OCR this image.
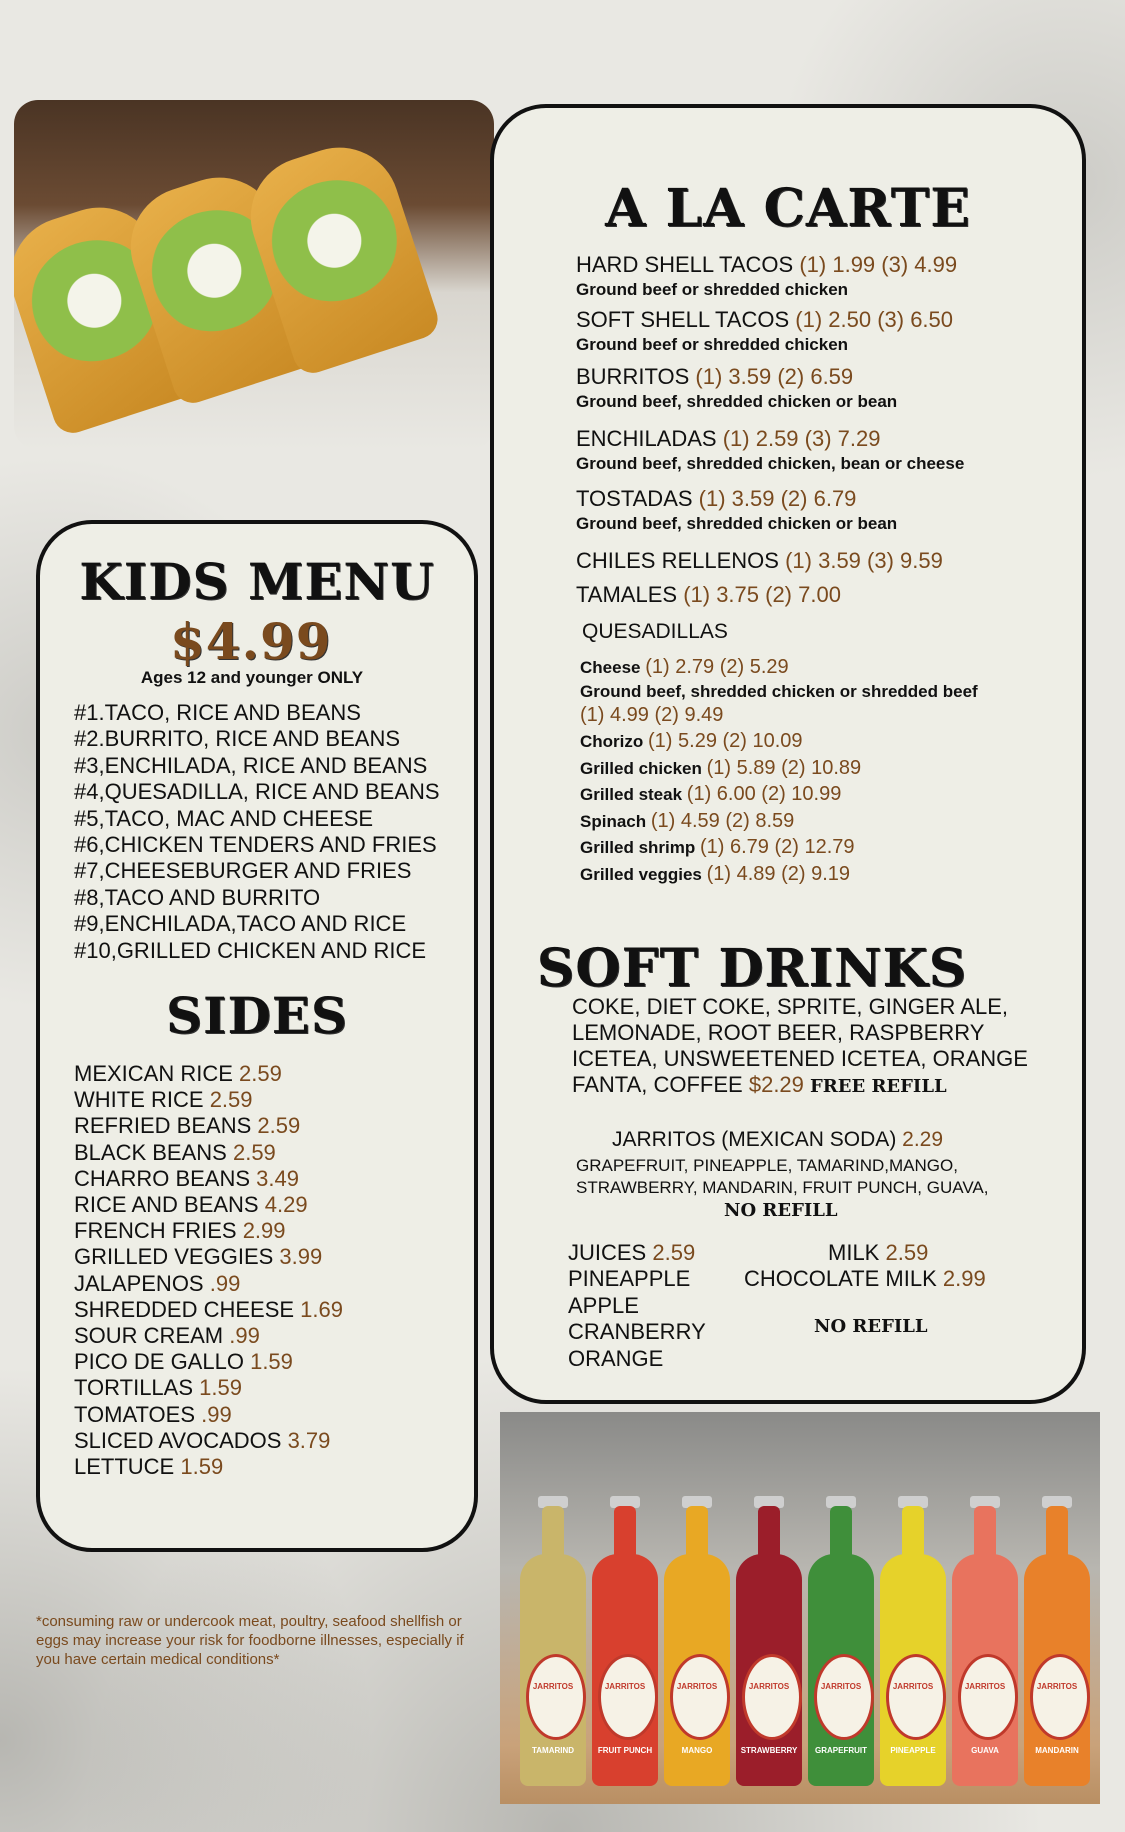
KIDS MENU
$4.99
Ages 12 and younger ONLY
#1.TACO, RICE AND BEANS
#2.BURRITO, RICE AND BEANS
#3,ENCHILADA, RICE AND BEANS
#4,QUESADILLA, RICE AND BEANS
#5,TACO, MAC AND CHEESE
#6,CHICKEN TENDERS AND FRIES
#7,CHEESEBURGER AND FRIES
#8,TACO AND BURRITO
#9,ENCHILADA,TACO AND RICE
#10,GRILLED CHICKEN AND RICE
SIDES
MEXICAN RICE 2.59
WHITE RICE 2.59
REFRIED BEANS 2.59
BLACK BEANS 2.59
CHARRO BEANS 3.49
RICE AND BEANS 4.29
FRENCH FRIES 2.99
GRILLED VEGGIES 3.99
JALAPENOS .99
SHREDDED CHEESE 1.69
SOUR CREAM .99
PICO DE GALLO 1.59
TORTILLAS 1.59
TOMATOES .99
SLICED AVOCADOS 3.79
LETTUCE 1.59
A LA CARTE
HARD SHELL TACOS (1) 1.99 (3) 4.99
Ground beef or shredded chicken
SOFT SHELL TACOS (1) 2.50 (3) 6.50
Ground beef or shredded chicken
BURRITOS (1) 3.59 (2) 6.59
Ground beef, shredded chicken or bean
ENCHILADAS (1) 2.59 (3) 7.29
Ground beef, shredded chicken, bean or cheese
TOSTADAS (1) 3.59 (2) 6.79
Ground beef, shredded chicken or bean
CHILES RELLENOS (1) 3.59 (3) 9.59
TAMALES (1) 3.75 (2) 7.00
QUESADILLAS
Cheese (1) 2.79 (2) 5.29
Ground beef, shredded chicken or shredded beef
(1) 4.99 (2) 9.49
Chorizo (1) 5.29 (2) 10.09
Grilled chicken (1) 5.89 (2) 10.89
Grilled steak (1) 6.00 (2) 10.99
Spinach (1) 4.59 (2) 8.59
Grilled shrimp (1) 6.79 (2) 12.79
Grilled veggies (1) 4.89 (2) 9.19
SOFT DRINKS
COKE, DIET COKE, SPRITE, GINGER ALE,
LEMONADE, ROOT BEER, RASPBERRY
ICETEA, UNSWEETENED ICETEA, ORANGE
FANTA, COFFEE $2.29 FREE REFILL
JARRITOS (MEXICAN SODA) 2.29
GRAPEFRUIT, PINEAPPLE, TAMARIND,MANGO,
STRAWBERRY, MANDARIN, FRUIT PUNCH, GUAVA,
NO REFILL
JUICES 2.59
PINEAPPLE
APPLE
CRANBERRY
ORANGE
MILK 2.59
CHOCOLATE MILK 2.99
NO REFILL
*consuming raw or undercook meat, poultry, seafood shellfish or eggs may increase your risk for foodborne illnesses, especially if you have certain medical conditions*
JARRITOS
TAMARIND
JARRITOS
FRUIT PUNCH
JARRITOS
MANGO
JARRITOS
STRAWBERRY
JARRITOS
GRAPEFRUIT
JARRITOS
PINEAPPLE
JARRITOS
GUAVA
JARRITOS
MANDARIN
